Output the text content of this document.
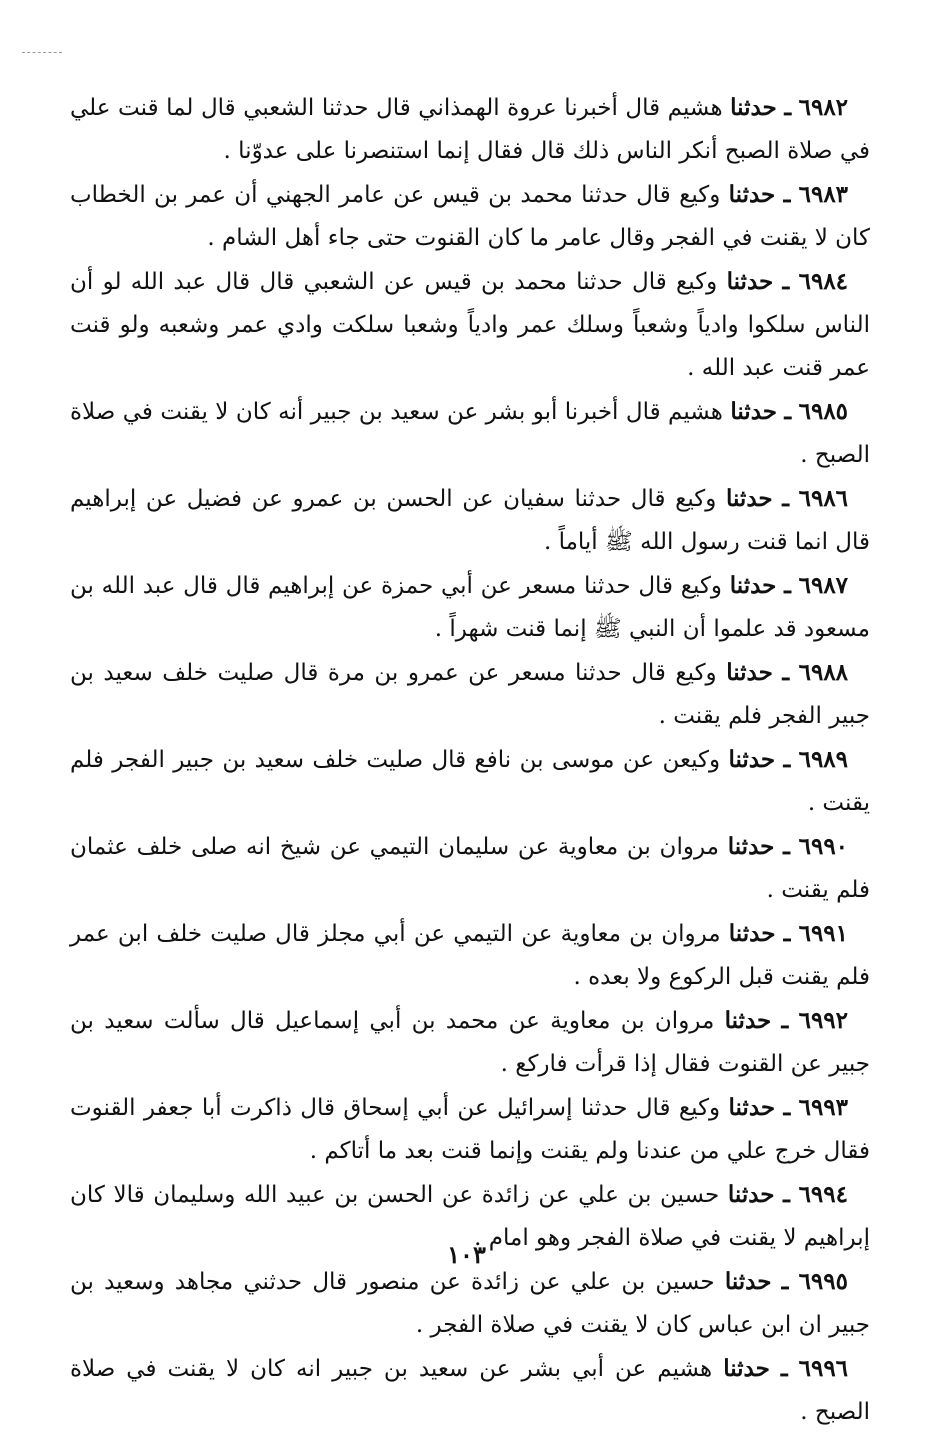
٦٩٨٢ ـ حدثنا هشيم قال أخبرنا عروة الهمذاني قال حدثنا الشعبي قال لما قنت علي في صلاة الصبح أنكر الناس ذلك قال فقال إنما استنصرنا على عدوّنا .

٦٩٨٣ ـ حدثنا وكيع قال حدثنا محمد بن قيس عن عامر الجهني أن عمر بن الخطاب كان لا يقنت في الفجر وقال عامر ما كان القنوت حتى جاء أهل الشام .

٦٩٨٤ ـ حدثنا وكيع قال حدثنا محمد بن قيس عن الشعبي قال قال عبد الله لو أن الناس سلكوا وادياً وشعباً وسلك عمر وادياً وشعبا سلكت وادي عمر وشعبه ولو قنت عمر قنت عبد الله .

٦٩٨٥ ـ حدثنا هشيم قال أخبرنا أبو بشر عن سعيد بن جبير أنه كان لا يقنت في صلاة الصبح .

٦٩٨٦ ـ حدثنا وكيع قال حدثنا سفيان عن الحسن بن عمرو عن فضيل عن إبراهيم قال انما قنت رسول الله ﷺ أياماً .

٦٩٨٧ ـ حدثنا وكيع قال حدثنا مسعر عن أبي حمزة عن إبراهيم قال قال عبد الله بن مسعود قد علموا أن النبي ﷺ إنما قنت شهراً .

٦٩٨٨ ـ حدثنا وكيع قال حدثنا مسعر عن عمرو بن مرة قال صليت خلف سعيد بن جبير الفجر فلم يقنت .

٦٩٨٩ ـ حدثنا وكيعن عن موسى بن نافع قال صليت خلف سعيد بن جبير الفجر فلم يقنت .

٦٩٩٠ ـ حدثنا مروان بن معاوية عن سليمان التيمي عن شيخ انه صلى خلف عثمان فلم يقنت .

٦٩٩١ ـ حدثنا مروان بن معاوية عن التيمي عن أبي مجلز قال صليت خلف ابن عمر فلم يقنت قبل الركوع ولا بعده .

٦٩٩٢ ـ حدثنا مروان بن معاوية عن محمد بن أبي إسماعيل قال سألت سعيد بن جبير عن القنوت فقال إذا قرأت فاركع .

٦٩٩٣ ـ حدثنا وكيع قال حدثنا إسرائيل عن أبي إسحاق قال ذاكرت أبا جعفر القنوت فقال خرج علي من عندنا ولم يقنت وإنما قنت بعد ما أتاكم .

٦٩٩٤ ـ حدثنا حسين بن علي عن زائدة عن الحسن بن عبيد الله وسليمان قالا كان إبراهيم لا يقنت في صلاة الفجر وهو امام .

٦٩٩٥ ـ حدثنا حسين بن علي عن زائدة عن منصور قال حدثني مجاهد وسعيد بن جبير ان ابن عباس كان لا يقنت في صلاة الفجر .

٦٩٩٦ ـ حدثنا هشيم عن أبي بشر عن سعيد بن جبير انه كان لا يقنت في صلاة الصبح .

١٠٣
